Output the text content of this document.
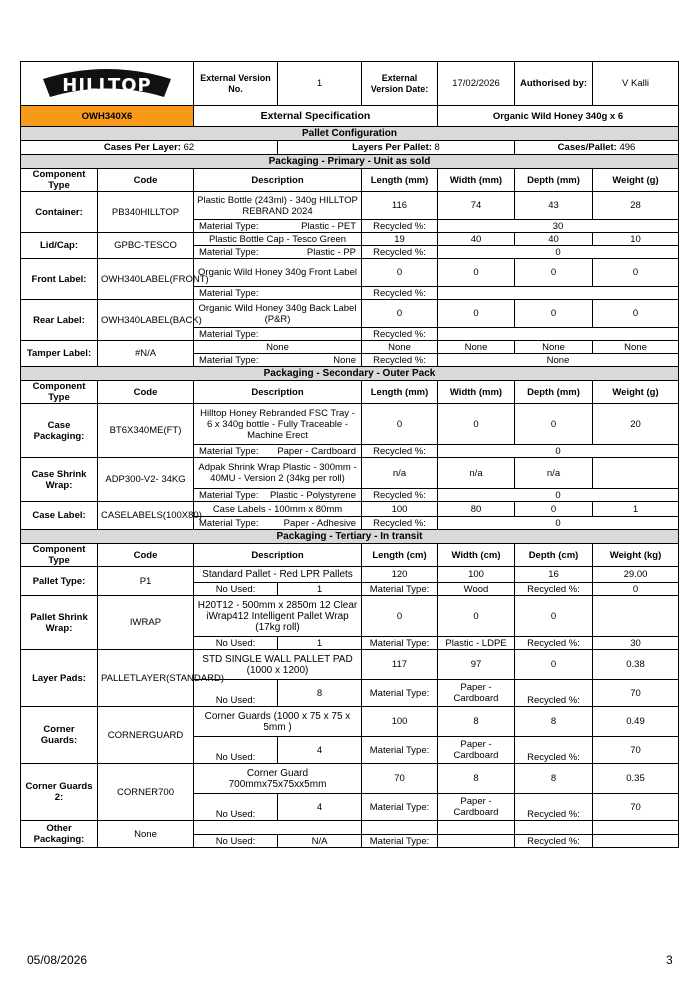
HILLTOP		External Version No.	1	External Version Date:	17/02/2026	Authorised by:	V Kalli
OWH340X6		External Specification			Organic Wild Honey 340g x 6		
Pallet Configuration							
Cases Per Layer: 62			Layers Per Pallet: 8			Cases/Pallet: 496	
Packaging - Primary - Unit as sold							
Component Type	Code	Description		Length (mm)	Width (mm)	Depth (mm)	Weight (g)
Container:	PB340HILLTOP	Plastic Bottle (243ml) - 340g HILLTOP REBRAND 2024		116	74	43	28

		Material Type: Plastic - PET		Recycled %:	30		
Lid/Cap:	GPBC-TESCO	Plastic Bottle Cap - Tesco Green		19	40	40	10

		Material Type: Plastic - PP		Recycled %:	0		
Front Label:	OWH340LABEL(FRONT)	Organic Wild Honey 340g Front Label		0	0	0	0

		Material Type:		Recycled %:			
Rear Label:	OWH340LABEL(BACK)	Organic Wild Honey 340g Back Label (P&R)		0	0	0	0

		Material Type:		Recycled %:			
Tamper Label:	#N/A	None		None	None	None	None

		Material Type: None		Recycled %:	None		
Packaging - Secondary - Outer Pack							
Component Type	Code	Description		Length (mm)	Width (mm)	Depth (mm)	Weight (g)
Case Packaging:	BT6X340ME(FT)	Hilltop Honey Rebranded FSC Tray - 6 x 340g bottle - Fully Traceable - Machine Erect		0	0	0	20

		Material Type: Paper - Cardboard		Recycled %:	0		
Case Shrink Wrap:	ADP300-V2- 34KG	Adpak Shrink Wrap Plastic - 300mm - 40MU - Version 2 (34kg per roll)		n/a	n/a	n/a	

		Material Type: Plastic - Polystyrene		Recycled %:	0		
Case Label:	CASELABELS(100X80)	Case Labels - 100mm x 80mm		100	80	0	1

		Material Type: Paper - Adhesive		Recycled %:	0		
Packaging - Tertiary - In transit							
Component Type	Code	Description		Length (cm)	Width (cm)	Depth (cm)	Weight (kg)
Pallet Type:	P1	Standard Pallet - Red LPR Pallets		120	100	16	29.00
		No Used:	1	Material Type:	Wood	Recycled %:	0
Pallet Shrink Wrap:	IWRAP	H20T12 - 500mm x 2850m 12 Clear iWrap412 Intelligent Pallet Wrap (17kg roll)		0	0	0	
		No Used:	1	Material Type:	Plastic - LDPE	Recycled %:	30
Layer Pads:	PALLETLAYER(STANDARD)	STD SINGLE WALL PALLET PAD (1000 x 1200)		117	97	0	0.38
		No Used:	8	Material Type:	Paper - Cardboard	Recycled %:	70
Corner Guards:	CORNERGUARD	Corner Guards (1000 x 75 x 75 x 5mm )		100	8	8	0.49
		No Used:	4	Material Type:	Paper - Cardboard	Recycled %:	70
Corner Guards 2:	CORNER700	Corner Guard 700mmx75x75xx5mm		70	8	8	0.35
		No Used:	4	Material Type:	Paper - Cardboard	Recycled %:	70
Other Packaging:	None						
		No Used:	N/A	Material Type:		Recycled %:	
05/08/2026	3
